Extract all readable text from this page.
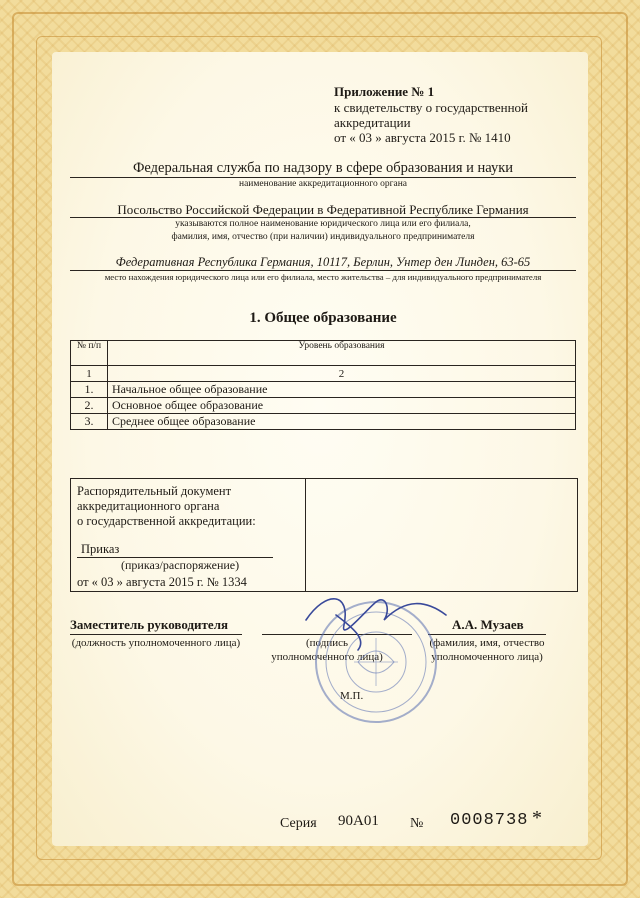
Приложение № 1
к свидетельству о государственной
аккредитации
от « 03 » августа 2015 г. № 1410
Федеральная служба по надзору в сфере образования и науки
наименование аккредитационного органа
Посольство Российской Федерации в Федеративной Республике Германия
указываются полное наименование юридического лица или его филиала,
фамилия, имя, отчество (при наличии) индивидуального предпринимателя
Федеративная Республика Германия, 10117, Берлин, Унтер ден Линден, 63-65
место нахождения юридического лица или его филиала, место жительства – для индивидуального предпринимателя
1. Общее образование
№ п/п	Уровень образования
1	2
1.	Начальное общее образование
2.	Основное общее образование
3.	Среднее общее образование
Распорядительный документ
аккредитационного органа
о государственной аккредитации:
Приказ
(приказ/распоряжение)
от « 03 » августа 2015 г. № 1334
Заместитель руководителя
(должность уполномоченного лица)	(подпись
уполномоченного лица)
А.А. Музаев
(фамилия, имя, отчество
уполномоченного лица)
М.П.
Серия 90А01 № 0008738 *
